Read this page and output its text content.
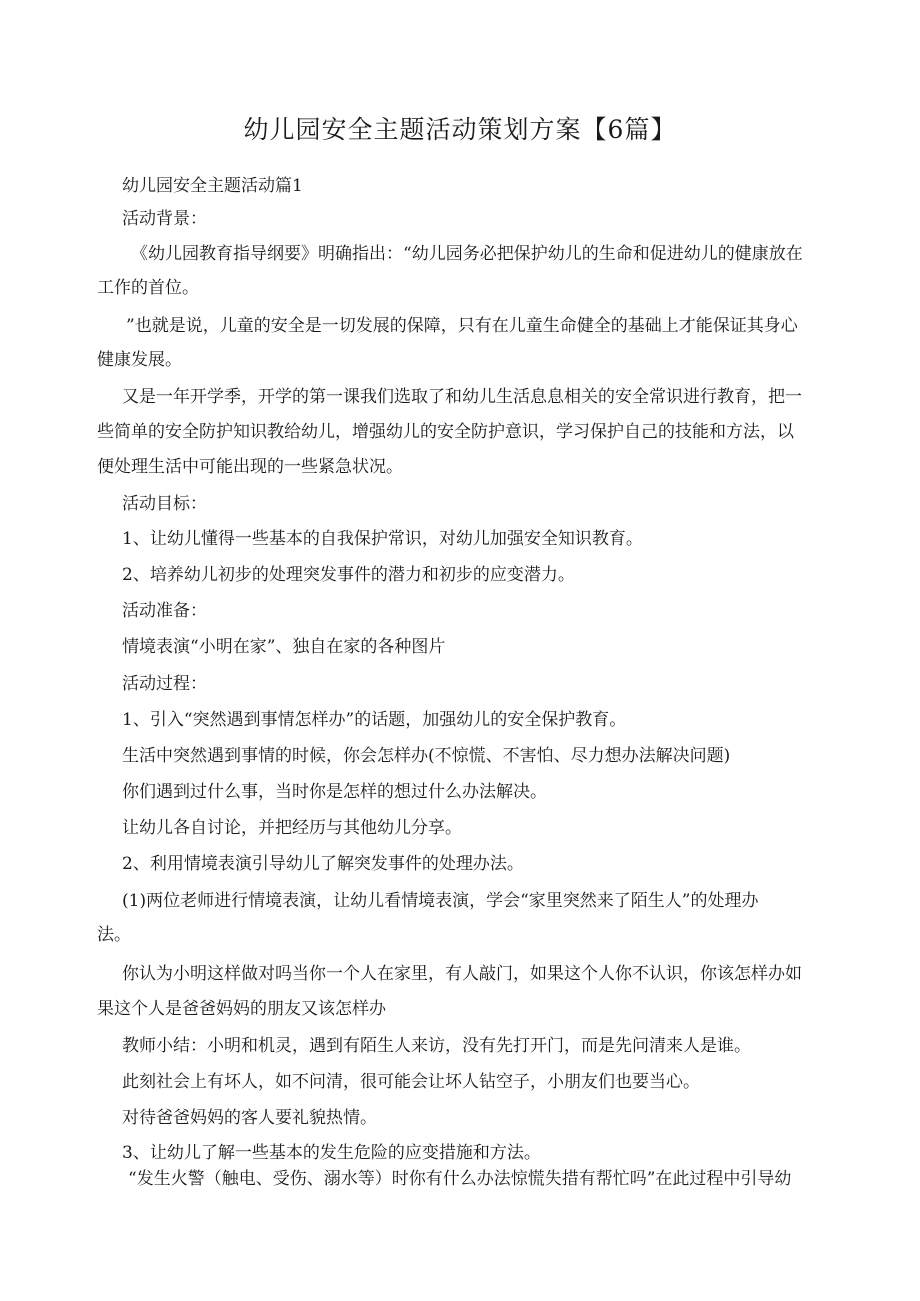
幼儿园安全主题活动策划方案【6篇】

幼儿园安全主题活动篇1

活动背景：

《幼儿园教育指导纲要》明确指出：“幼儿园务必把保护幼儿的生命和促进幼儿的健康放在

工作的首位。

”也就是说，儿童的安全是一切发展的保障，只有在儿童生命健全的基础上才能保证其身心

健康发展。

又是一年开学季，开学的第一课我们选取了和幼儿生活息息相关的安全常识进行教育，把一

些简单的安全防护知识教给幼儿，增强幼儿的安全防护意识，学习保护自己的技能和方法，以

便处理生活中可能出现的一些紧急状况。

活动目标：

1、让幼儿懂得一些基本的自我保护常识，对幼儿加强安全知识教育。

2、培养幼儿初步的处理突发事件的潜力和初步的应变潜力。

活动准备：

情境表演“小明在家”、独自在家的各种图片

活动过程：

1、引入“突然遇到事情怎样办”的话题，加强幼儿的安全保护教育。

生活中突然遇到事情的时候，你会怎样办(不惊慌、不害怕、尽力想办法解决问题)

你们遇到过什么事，当时你是怎样的想过什么办法解决。

让幼儿各自讨论，并把经历与其他幼儿分享。

2、利用情境表演引导幼儿了解突发事件的处理办法。

(1)两位老师进行情境表演，让幼儿看情境表演，学会“家里突然来了陌生人”的处理办

法。

你认为小明这样做对吗当你一个人在家里，有人敲门，如果这个人你不认识，你该怎样办如

果这个人是爸爸妈妈的朋友又该怎样办

教师小结：小明和机灵，遇到有陌生人来访，没有先打开门，而是先问清来人是谁。

此刻社会上有坏人，如不问清，很可能会让坏人钻空子，小朋友们也要当心。

对待爸爸妈妈的客人要礼貌热情。

3、让幼儿了解一些基本的发生危险的应变措施和方法。

“发生火警（触电、受伤、溺水等）时你有什么办法惊慌失措有帮忙吗”在此过程中引导幼
